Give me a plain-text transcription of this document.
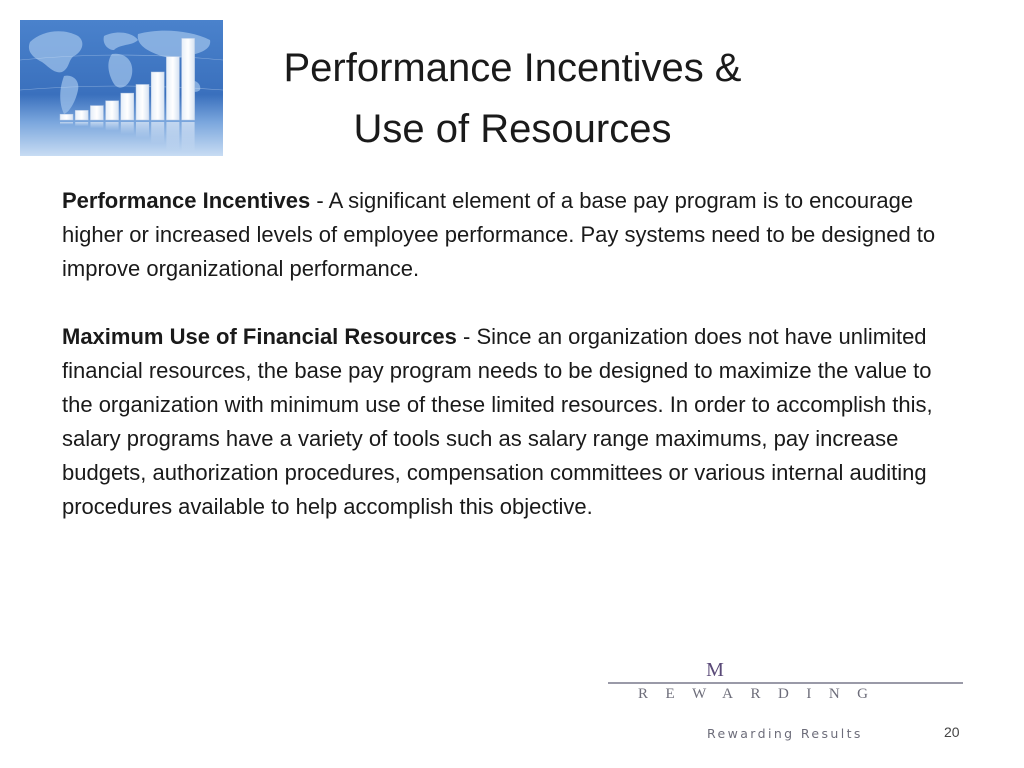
Performance Incentives &
Use of Resources

Performance Incentives - A significant element of a base pay program is to encourage higher or increased levels of employee performance. Pay systems need to be designed to improve organizational performance.

Maximum Use of Financial Resources - Since an organization does not have unlimited financial resources, the base pay program needs to be designed to maximize the value to the organization with minimum use of these limited resources. In order to accomplish this, salary programs have a variety of tools such as salary range maximums, pay increase budgets, authorization procedures, compensation committees or various internal auditing procedures available to help accomplish this objective.

M
REWARDING
Rewarding Results	20
